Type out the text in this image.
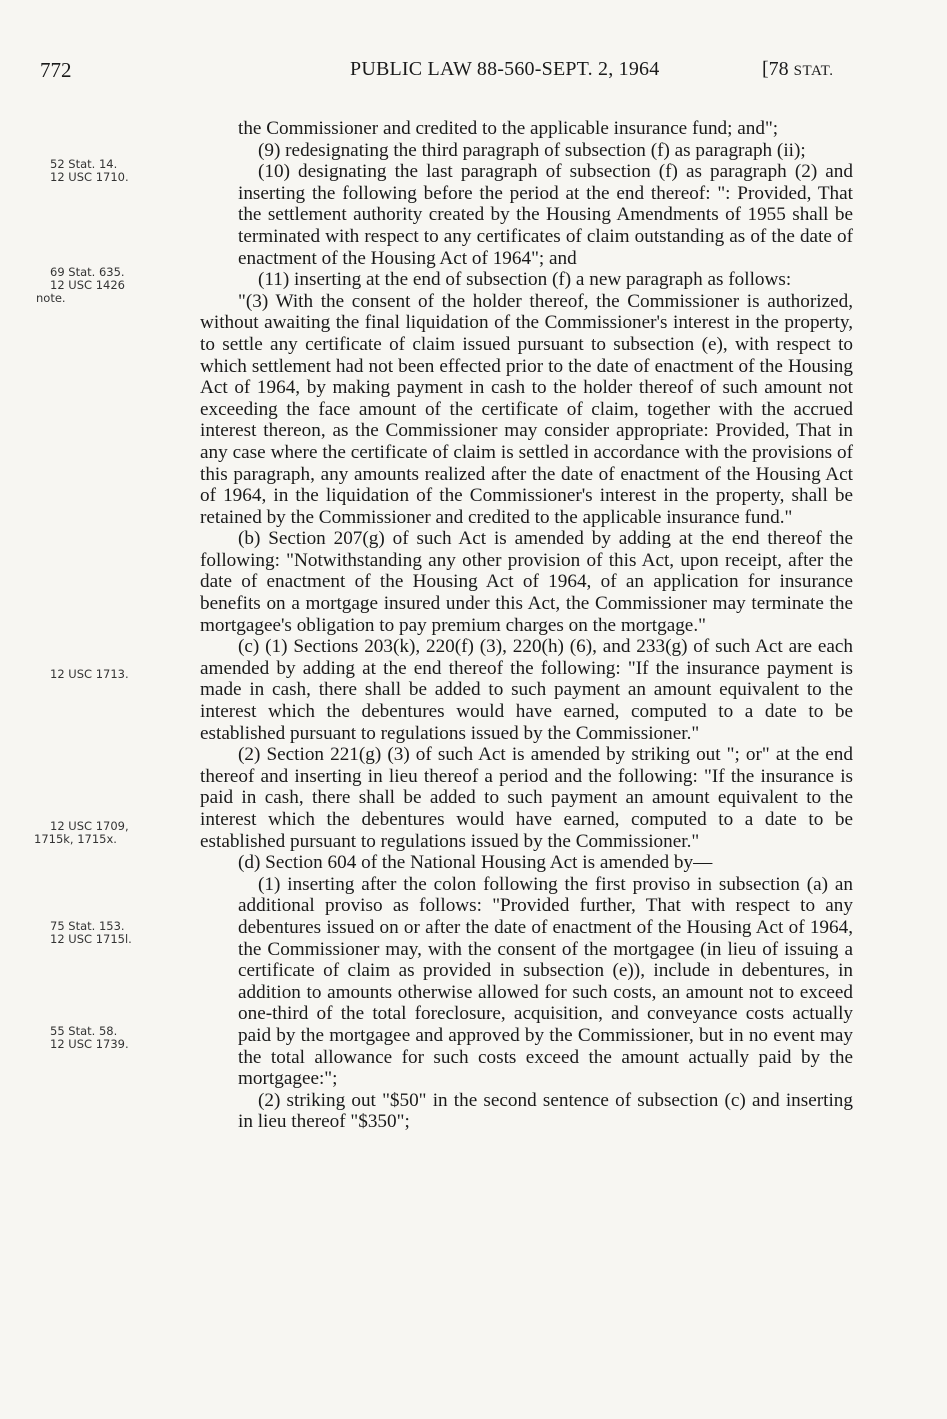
772	PUBLIC LAW 88-560-SEPT. 2, 1964	[78 STAT.
52 Stat. 14.
12 USC 1710.
69 Stat. 635.
12 USC 1426
note.
12 USC 1713.
12 USC 1709,
1715k, 1715x.
75 Stat. 153.
12 USC 1715l.
55 Stat. 58.
12 USC 1739.

the Commissioner and credited to the applicable insurance fund; and";

(9) redesignating the third paragraph of subsection (f) as paragraph (ii);

(10) designating the last paragraph of subsection (f) as paragraph (2) and inserting the following before the period at the end thereof: ": Provided, That the settlement authority created by the Housing Amendments of 1955 shall be terminated with respect to any certificates of claim outstanding as of the date of enactment of the Housing Act of 1964"; and

(11) inserting at the end of subsection (f) a new paragraph as follows:

"(3) With the consent of the holder thereof, the Commissioner is authorized, without awaiting the final liquidation of the Commissioner's interest in the property, to settle any certificate of claim issued pursuant to subsection (e), with respect to which settlement had not been effected prior to the date of enactment of the Housing Act of 1964, by making payment in cash to the holder thereof of such amount not exceeding the face amount of the certificate of claim, together with the accrued interest thereon, as the Commissioner may consider appropriate: Provided, That in any case where the certificate of claim is settled in accordance with the provisions of this paragraph, any amounts realized after the date of enactment of the Housing Act of 1964, in the liquidation of the Commissioner's interest in the property, shall be retained by the Commissioner and credited to the applicable insurance fund."

(b) Section 207(g) of such Act is amended by adding at the end thereof the following: "Notwithstanding any other provision of this Act, upon receipt, after the date of enactment of the Housing Act of 1964, of an application for insurance benefits on a mortgage insured under this Act, the Commissioner may terminate the mortgagee's obligation to pay premium charges on the mortgage."

(c) (1) Sections 203(k), 220(f) (3), 220(h) (6), and 233(g) of such Act are each amended by adding at the end thereof the following: "If the insurance payment is made in cash, there shall be added to such payment an amount equivalent to the interest which the debentures would have earned, computed to a date to be established pursuant to regulations issued by the Commissioner."

(2) Section 221(g) (3) of such Act is amended by striking out "; or" at the end thereof and inserting in lieu thereof a period and the following: "If the insurance is paid in cash, there shall be added to such payment an amount equivalent to the interest which the debentures would have earned, computed to a date to be established pursuant to regulations issued by the Commissioner."

(d) Section 604 of the National Housing Act is amended by—

(1) inserting after the colon following the first proviso in subsection (a) an additional proviso as follows: "Provided further, That with respect to any debentures issued on or after the date of enactment of the Housing Act of 1964, the Commissioner may, with the consent of the mortgagee (in lieu of issuing a certificate of claim as provided in subsection (e)), include in debentures, in addition to amounts otherwise allowed for such costs, an amount not to exceed one-third of the total foreclosure, acquisition, and conveyance costs actually paid by the mortgagee and approved by the Commissioner, but in no event may the total allowance for such costs exceed the amount actually paid by the mortgagee:";

(2) striking out "$50" in the second sentence of subsection (c) and inserting in lieu thereof "$350";
